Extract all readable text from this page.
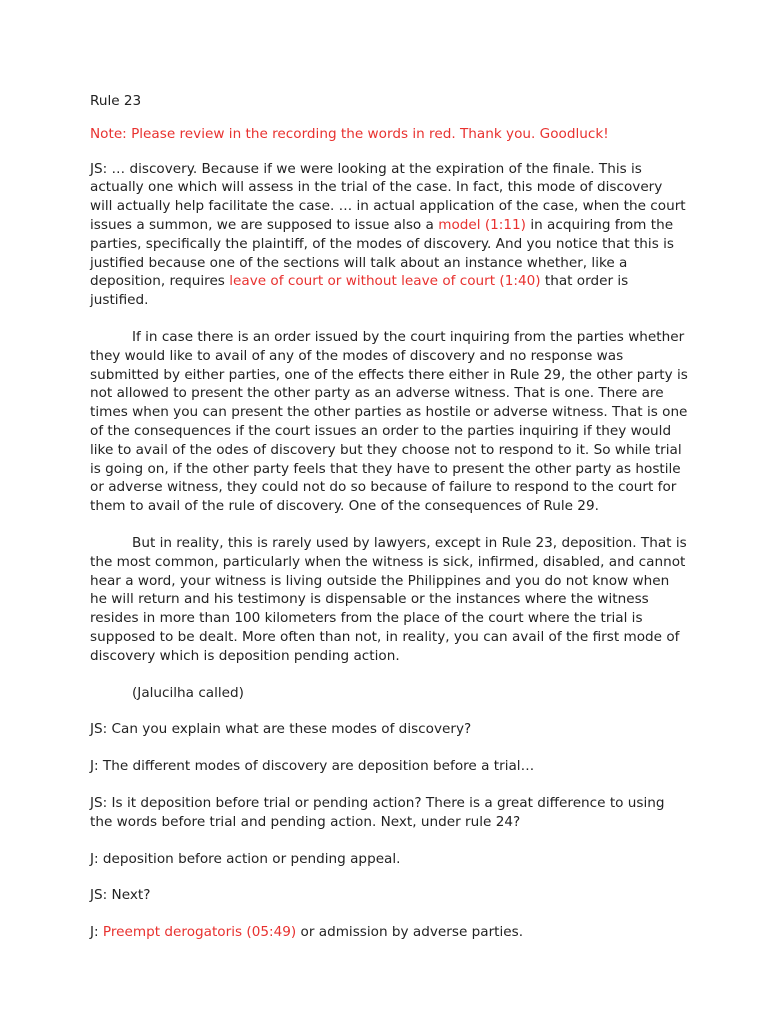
Rule 23

Note: Please review in the recording the words in red. Thank you. Goodluck!

JS: … discovery. Because if we were looking at the expiration of the finale. This is actually one which will assess in the trial of the case. In fact, this mode of discovery will actually help facilitate the case. … in actual application of the case, when the court issues a summon, we are supposed to issue also a model (1:11) in acquiring from the parties, specifically the plaintiff, of the modes of discovery. And you notice that this is justified because one of the sections will talk about an instance whether, like a deposition, requires leave of court or without leave of court (1:40) that order is justified.

If in case there is an order issued by the court inquiring from the parties whether they would like to avail of any of the modes of discovery and no response was submitted by either parties, one of the effects there either in Rule 29, the other party is not allowed to present the other party as an adverse witness. That is one. There are times when you can present the other parties as hostile or adverse witness. That is one of the consequences if the court issues an order to the parties inquiring if they would like to avail of the odes of discovery but they choose not to respond to it. So while trial is going on, if the other party feels that they have to present the other party as hostile or adverse witness, they could not do so because of failure to respond to the court for them to avail of the rule of discovery. One of the consequences of Rule 29.

But in reality, this is rarely used by lawyers, except in Rule 23, deposition. That is the most common, particularly when the witness is sick, infirmed, disabled, and cannot hear a word, your witness is living outside the Philippines and you do not know when he will return and his testimony is dispensable or the instances where the witness resides in more than 100 kilometers from the place of the court where the trial is supposed to be dealt. More often than not, in reality, you can avail of the first mode of discovery which is deposition pending action.

(Jalucilha called)

JS: Can you explain what are these modes of discovery?

J: The different modes of discovery are deposition before a trial…

JS: Is it deposition before trial or pending action? There is a great difference to using the words before trial and pending action. Next, under rule 24?

J: deposition before action or pending appeal.

JS: Next?

J: Preempt derogatoris (05:49) or admission by adverse parties.
